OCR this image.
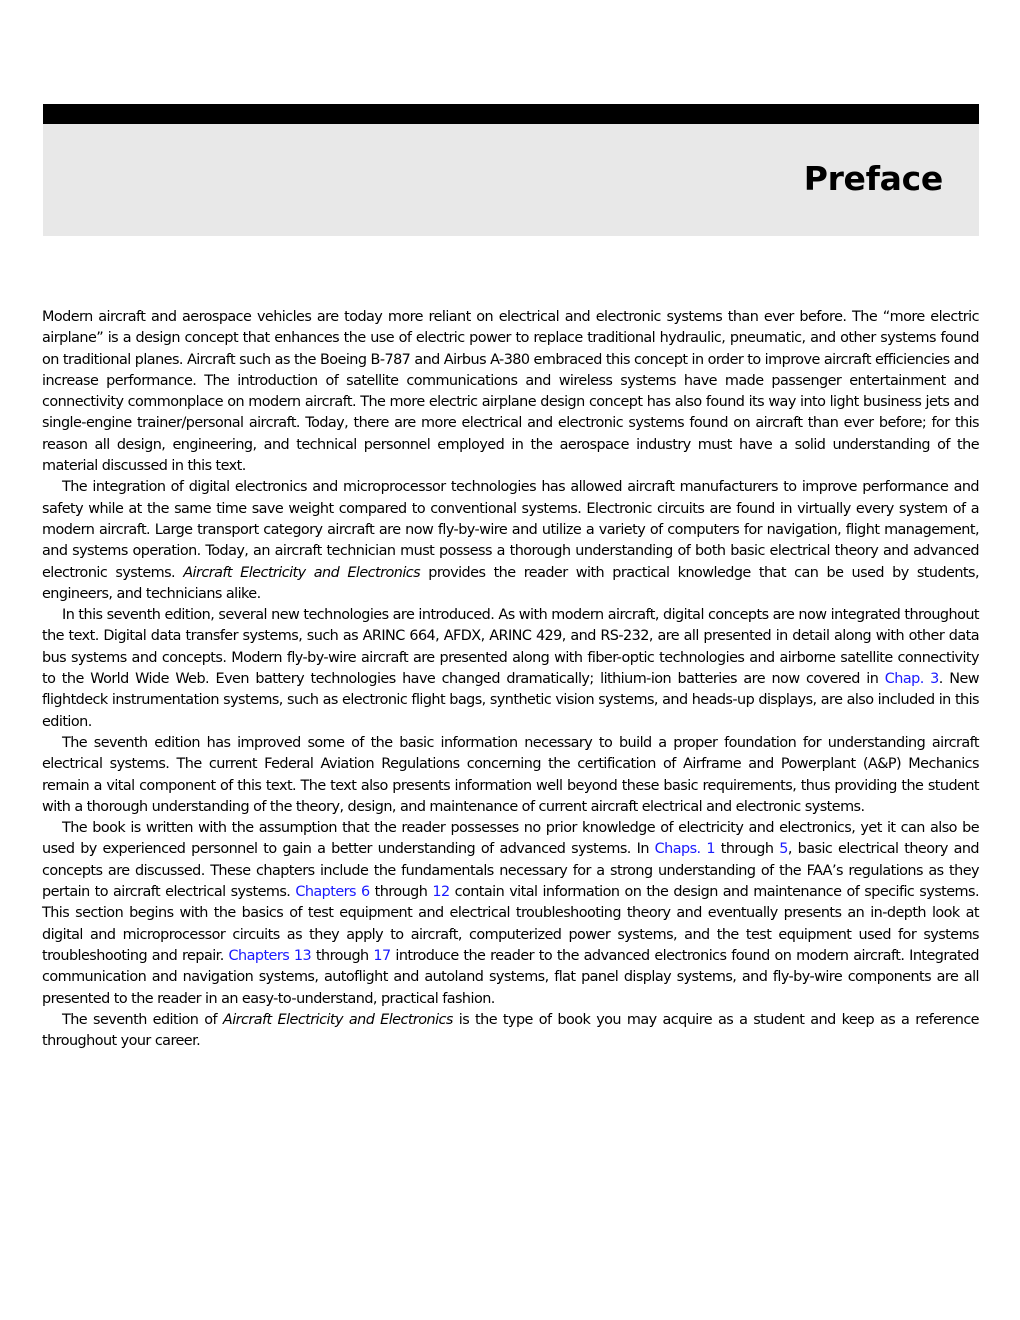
Preface

Modern aircraft and aerospace vehicles are today more reliant on electrical and electronic systems than ever before. The “more electric airplane” is a design concept that enhances the use of electric power to replace traditional hydraulic, pneumatic, and other systems found on traditional planes. Aircraft such as the Boeing B-787 and Airbus A-380 embraced this concept in order to improve aircraft efficiencies and increase performance. The introduction of satellite communications and wireless systems have made passenger entertainment and connectivity commonplace on modern aircraft. The more electric airplane design concept has also found its way into light business jets and single-engine trainer/personal aircraft. Today, there are more electrical and electronic systems found on aircraft than ever before; for this reason all design, engineering, and technical personnel employed in the aerospace industry must have a solid understanding of the material discussed in this text.

The integration of digital electronics and microprocessor technologies has allowed aircraft manufacturers to improve performance and safety while at the same time save weight compared to conventional systems. Electronic circuits are found in virtually every system of a modern aircraft. Large transport category aircraft are now fly-by-wire and utilize a variety of computers for navigation, flight management, and systems operation. Today, an aircraft technician must possess a thorough understanding of both basic electrical theory and advanced electronic systems. Aircraft Electricity and Electronics provides the reader with practical knowledge that can be used by students, engineers, and technicians alike.

In this seventh edition, several new technologies are introduced. As with modern aircraft, digital concepts are now integrated throughout the text. Digital data transfer systems, such as ARINC 664, AFDX, ARINC 429, and RS-232, are all presented in detail along with other data bus systems and concepts. Modern fly-by-wire aircraft are presented along with fiber-optic technologies and airborne satellite connectivity to the World Wide Web. Even battery technologies have changed dramatically; lithium-ion batteries are now covered in Chap. 3. New flightdeck instrumentation systems, such as electronic flight bags, synthetic vision systems, and heads-up displays, are also included in this edition.

The seventh edition has improved some of the basic information necessary to build a proper foundation for understanding aircraft electrical systems. The current Federal Aviation Regulations concerning the certification of Airframe and Powerplant (A&P) Mechanics remain a vital component of this text. The text also presents information well beyond these basic requirements, thus providing the student with a thorough understanding of the theory, design, and maintenance of current aircraft electrical and electronic systems.

The book is written with the assumption that the reader possesses no prior knowledge of electricity and electronics, yet it can also be used by experienced personnel to gain a better understanding of advanced systems. In Chaps. 1 through 5, basic electrical theory and concepts are discussed. These chapters include the fundamentals necessary for a strong understanding of the FAA’s regulations as they pertain to aircraft electrical systems. Chapters 6 through 12 contain vital information on the design and maintenance of specific systems. This section begins with the basics of test equipment and electrical troubleshooting theory and eventually presents an in-depth look at digital and microprocessor circuits as they apply to aircraft, computerized power systems, and the test equipment used for systems troubleshooting and repair. Chapters 13 through 17 introduce the reader to the advanced electronics found on modern aircraft. Integrated communication and navigation systems, autoflight and autoland systems, flat panel display systems, and fly-by-wire components are all presented to the reader in an easy-to-understand, practical fashion.

The seventh edition of Aircraft Electricity and Electronics is the type of book you may acquire as a student and keep as a reference throughout your career.
